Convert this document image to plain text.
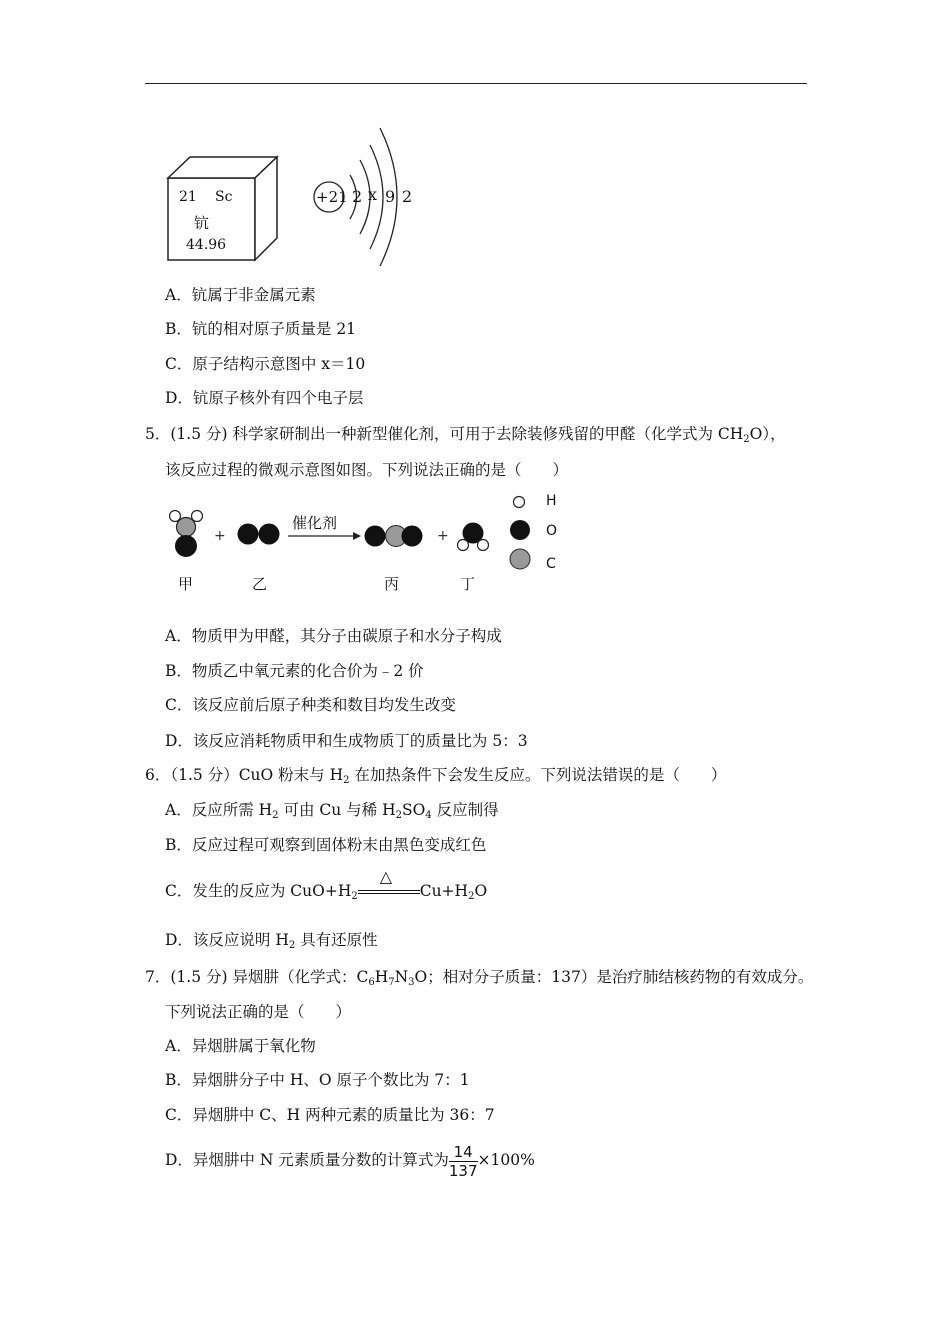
21 Sc
钪
44.96
+21 2 x 9 2
A．钪属于非金属元素
B．钪的相对原子质量是 21
C．原子结构示意图中 x＝10
D．钪原子核外有四个电子层
5．(1.5 分) 科学家研制出一种新型催化剂，可用于去除装修残留的甲醛（化学式为 $CH_2O$），
该反应过程的微观示意图如图。下列说法正确的是（　　）
催化剂
+	+
甲	乙	丙	丁
H
O
C
A．物质甲为甲醛，其分子由碳原子和水分子构成
B．物质乙中氧元素的化合价为﹣2 价
C．该反应前后原子种类和数目均发生改变
D．该反应消耗物质甲和生成物质丁的质量比为 5：3
6．（1.5 分）CuO 粉末与 $H_2$ 在加热条件下会发生反应。下列说法错误的是（　　）
A．反应所需 $H_2$ 可由 Cu 与稀 $H_2SO_4$ 反应制得
B．反应过程可观察到固体粉末由黑色变成红色
C．发生的反应为 $CuO+H_2$
△
$Cu+H_2O$
D．该反应说明 $H_2$ 具有还原性
7．(1.5 分) 异烟肼（化学式：$C_6H_7N_3O$；相对分子质量：137）是治疗肺结核药物的有效成分。
下列说法正确的是（　　）
A．异烟肼属于氧化物
B．异烟肼分子中 H、O 原子个数比为 7：1
C．异烟肼中 C、H 两种元素的质量比为 36：7
D．异烟肼中 N 元素质量分数的计算式为 $\frac{14}{137} \times 100\%$
